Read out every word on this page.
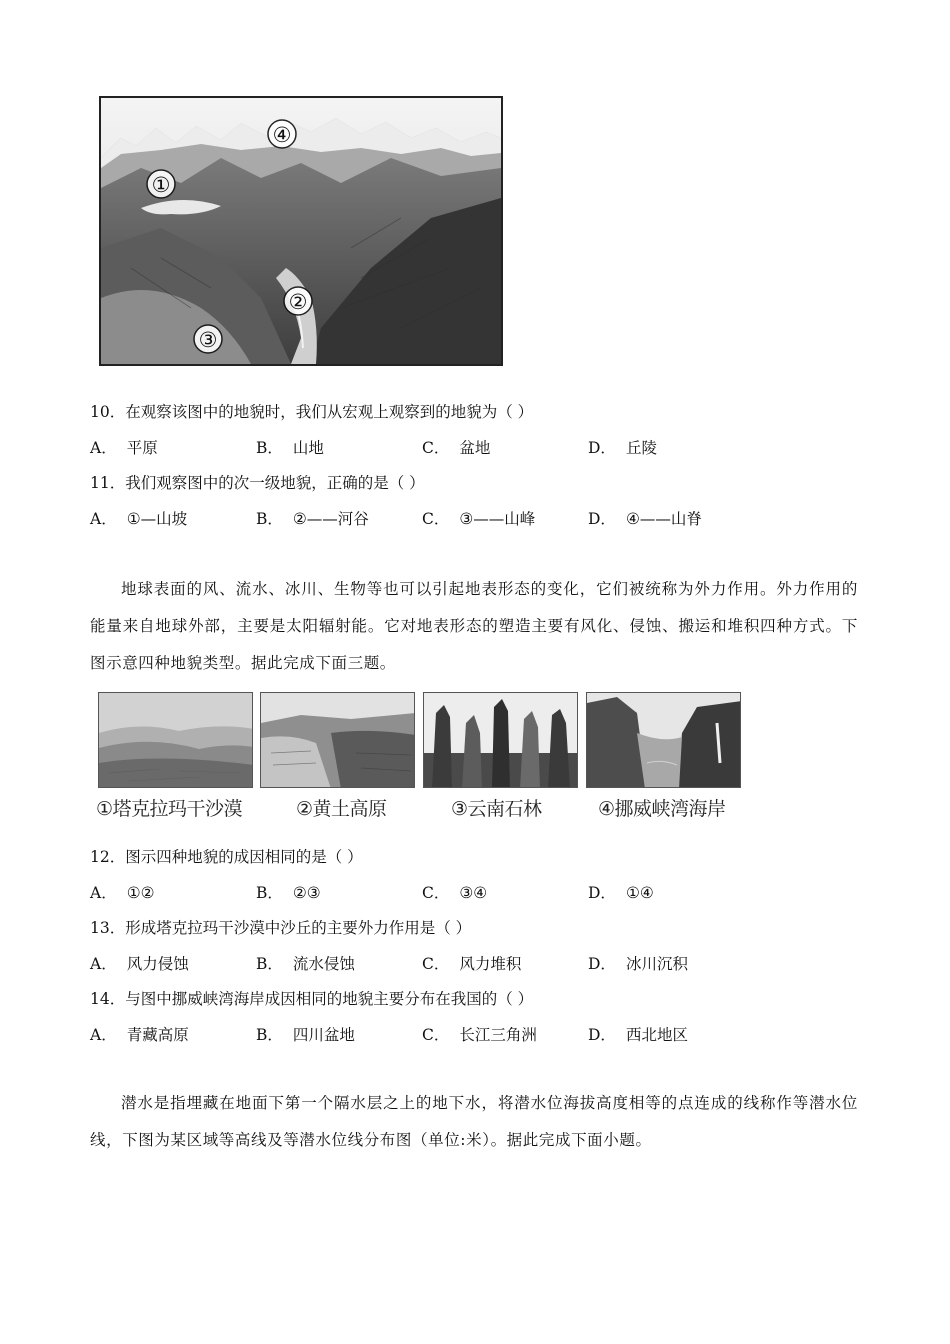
④
①
②
③
10．在观察该图中的地貌时，我们从宏观上观察到的地貌为（ ）
A． 平原	B． 山地	C． 盆地	D． 丘陵
11．我们观察图中的次一级地貌，正确的是（ ）
A． ①—山坡	B． ②——河谷	C． ③——山峰	D． ④——山脊
地球表面的风、流水、冰川、生物等也可以引起地表形态的变化，它们被统称为外力作用。外力作用的能量来自地球外部，主要是太阳辐射能。它对地表形态的塑造主要有风化、侵蚀、搬运和堆积四种方式。下图示意四种地貌类型。据此完成下面三题。
①塔克拉玛干沙漠	②黄土高原	③云南石林	④挪威峡湾海岸
12．图示四种地貌的成因相同的是（ ）
A． ①②	B． ②③	C． ③④	D． ①④
13．形成塔克拉玛干沙漠中沙丘的主要外力作用是（ ）
A． 风力侵蚀	B． 流水侵蚀	C． 风力堆积	D． 冰川沉积
14．与图中挪威峡湾海岸成因相同的地貌主要分布在我国的（ ）
A． 青藏高原	B． 四川盆地	C． 长江三角洲	D． 西北地区
潜水是指埋藏在地面下第一个隔水层之上的地下水，将潜水位海拔高度相等的点连成的线称作等潜水位线，下图为某区域等高线及等潜水位线分布图（单位:米）。据此完成下面小题。
